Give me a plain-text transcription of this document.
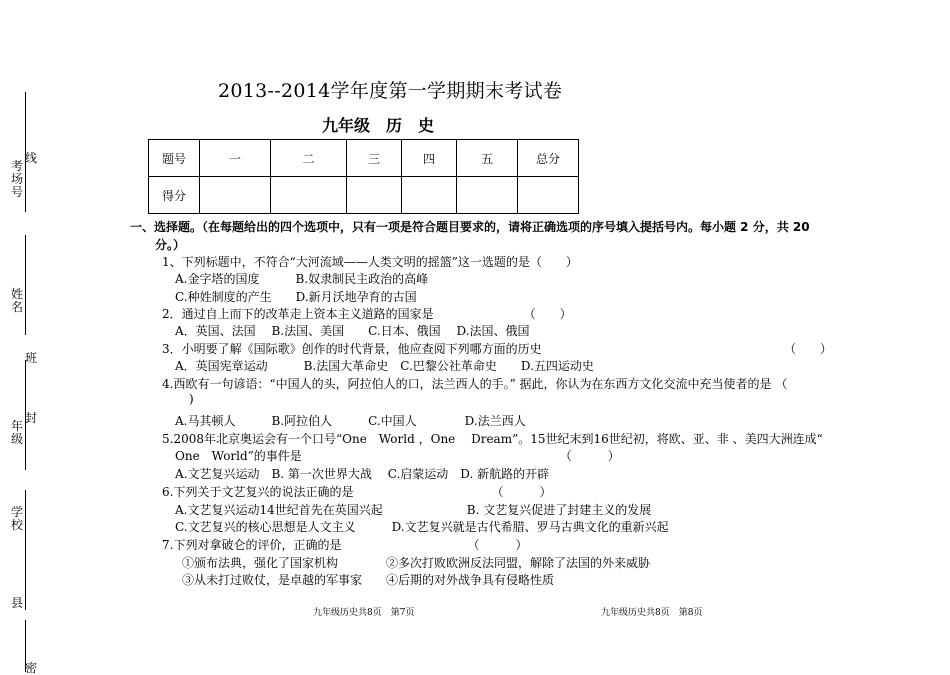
考场号
线
姓名
班
年级
封
学校
县
密
2013--2014学年度第一学期期末考试卷
九年级　历　史
题号	一	二	三	四	五	总分
得分						
一、选择题。（在每题给出的四个选项中，只有一项是符合题目要求的，请将正确选项的序号填入提括号内。每小题 2 分，共 20
分。）
1、下列标题中，不符合“大河流域——人类文明的摇篮”这一选题的是（　　）
A.金字塔的国度　　　B.奴隶制民主政治的高峰
C.种姓制度的产生　　D.新月沃地孕育的古国
2．通过自上而下的改革走上资本主义道路的国家是　　　　　　　　（　　）
A．英国、法国　 B.法国、美国　　C.日本、俄国　 D.法国、俄国
3．小明要了解《国际歌》创作的时代背景，他应查阅下列哪方面的历史	（　　）
A．英国宪章运动　　　B.法国大革命史　C.巴黎公社革命史　　D.五四运动史
4.西欧有一句谚语：“中国人的头，阿拉伯人的口，法兰西人的手。” 据此，你认为在东西方文化交流中充当使者的是 （
)
A.马其顿人　　　B.阿拉伯人　　　C.中国人　　　　D.法兰西人
5.2008年北京奥运会有一个口号“One　World ，One　 Dream”。15世纪末到16世纪初，将欧、亚、非 、美四大洲连成“
One　World”的事件是　　　　　　　　　　　　　　　　　　　　　　（　　　）
A.文艺复兴运动　B. 第一次世界大战　 C.启蒙运动　D. 新航路的开辟
6.下列关于文艺复兴的说法正确的是　　　　　　　　　　　　（　　　）
A.文艺复兴运动14世纪首先在英国兴起　　　　　　　B. 文艺复兴促进了封建主义的发展
C.文艺复兴的核心思想是人文主义　　　D.文艺复兴就是古代希腊、罗马古典文化的重新兴起
7.下列对拿破仑的评价，正确的是　　　　　　　　　　　（　　　）
①颁布法典，强化了国家机构　　　　②多次打败欧洲反法同盟，解除了法国的外来威胁
③从未打过败仗，是卓越的军事家　　④后期的对外战争具有侵略性质
九年级历史共8页　第7页	九年级历史共8页　第8页
